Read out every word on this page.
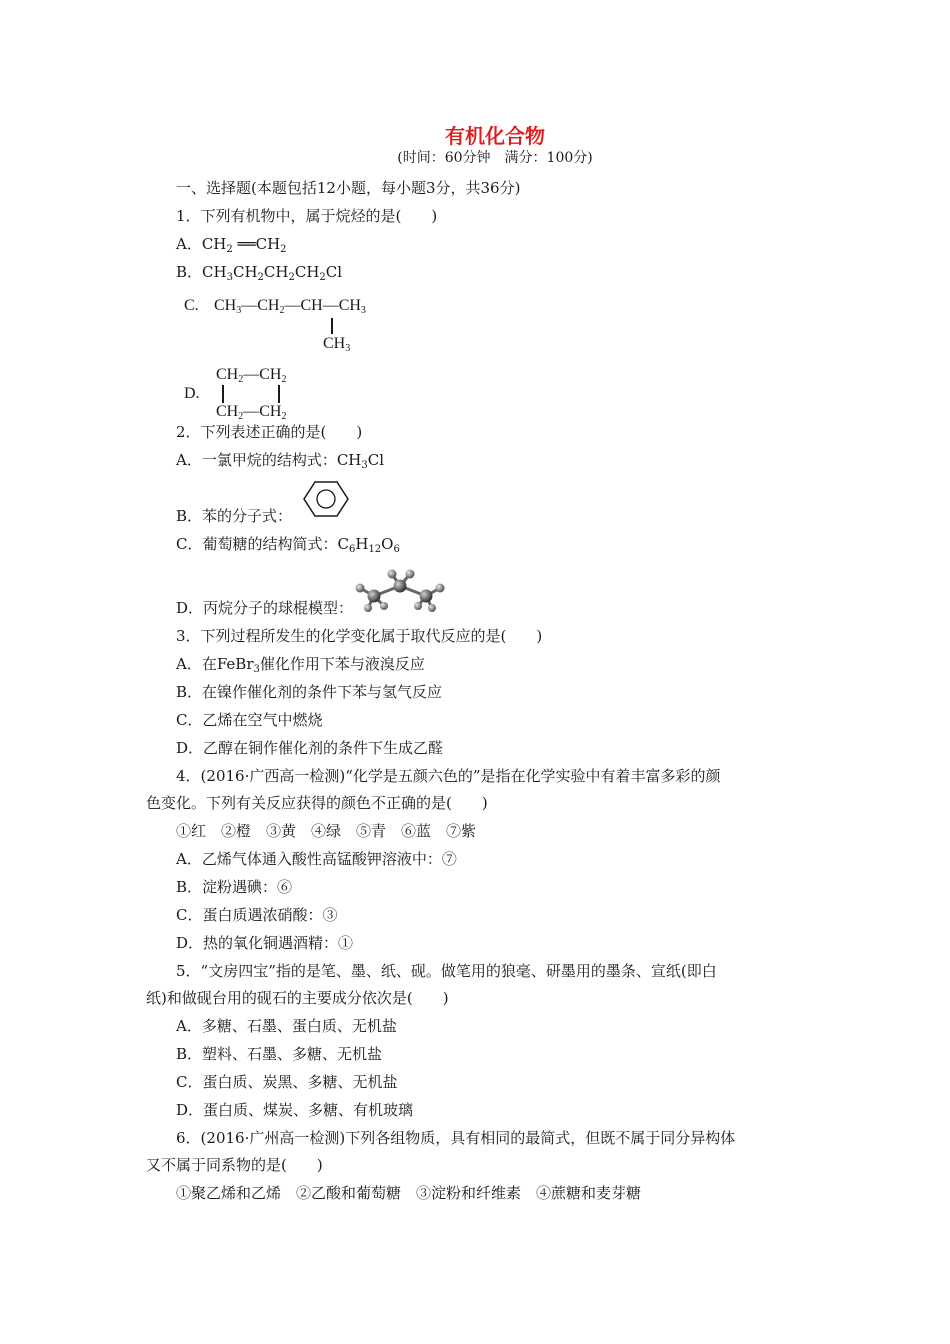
有机化合物
(时间：60分钟　满分：100分)
一、选择题(本题包括12小题，每小题3分，共36分)
1．下列有机物中，属于烷烃的是(　　)
A．$CH_2$ $══CH_2$
B．$CH_3CH_2CH_2CH_2Cl$
C. $CH_3—CH_2—CH—CH_3$
$CH_3$
D.
$CH_2—CH_2$
$CH_2—CH_2$
2．下列表述正确的是(　　)
A．一氯甲烷的结构式：$CH_3Cl$
B．苯的分子式：
C．葡萄糖的结构简式：$C_6H_{12}O_6$
D．丙烷分子的球棍模型：
3．下列过程所发生的化学变化属于取代反应的是(　　)
A．在FeBr$_3$催化作用下苯与液溴反应
B．在镍作催化剂的条件下苯与氢气反应
C．乙烯在空气中燃烧
D．乙醇在铜作催化剂的条件下生成乙醛
4．(2016·广西高一检测)“化学是五颜六色的”是指在化学实验中有着丰富多彩的颜
色变化。下列有关反应获得的颜色不正确的是(　　)
①红　②橙　③黄　④绿　⑤青　⑥蓝　⑦紫
A．乙烯气体通入酸性高锰酸钾溶液中：⑦
B．淀粉遇碘：⑥
C．蛋白质遇浓硝酸：③
D．热的氧化铜遇酒精：①
5．“文房四宝”指的是笔、墨、纸、砚。做笔用的狼毫、研墨用的墨条、宣纸(即白
纸)和做砚台用的砚石的主要成分依次是(　　)
A．多糖、石墨、蛋白质、无机盐
B．塑料、石墨、多糖、无机盐
C．蛋白质、炭黑、多糖、无机盐
D．蛋白质、煤炭、多糖、有机玻璃
6．(2016·广州高一检测)下列各组物质，具有相同的最简式，但既不属于同分异构体
又不属于同系物的是(　　)
①聚乙烯和乙烯　②乙酸和葡萄糖　③淀粉和纤维素　④蔗糖和麦芽糖
